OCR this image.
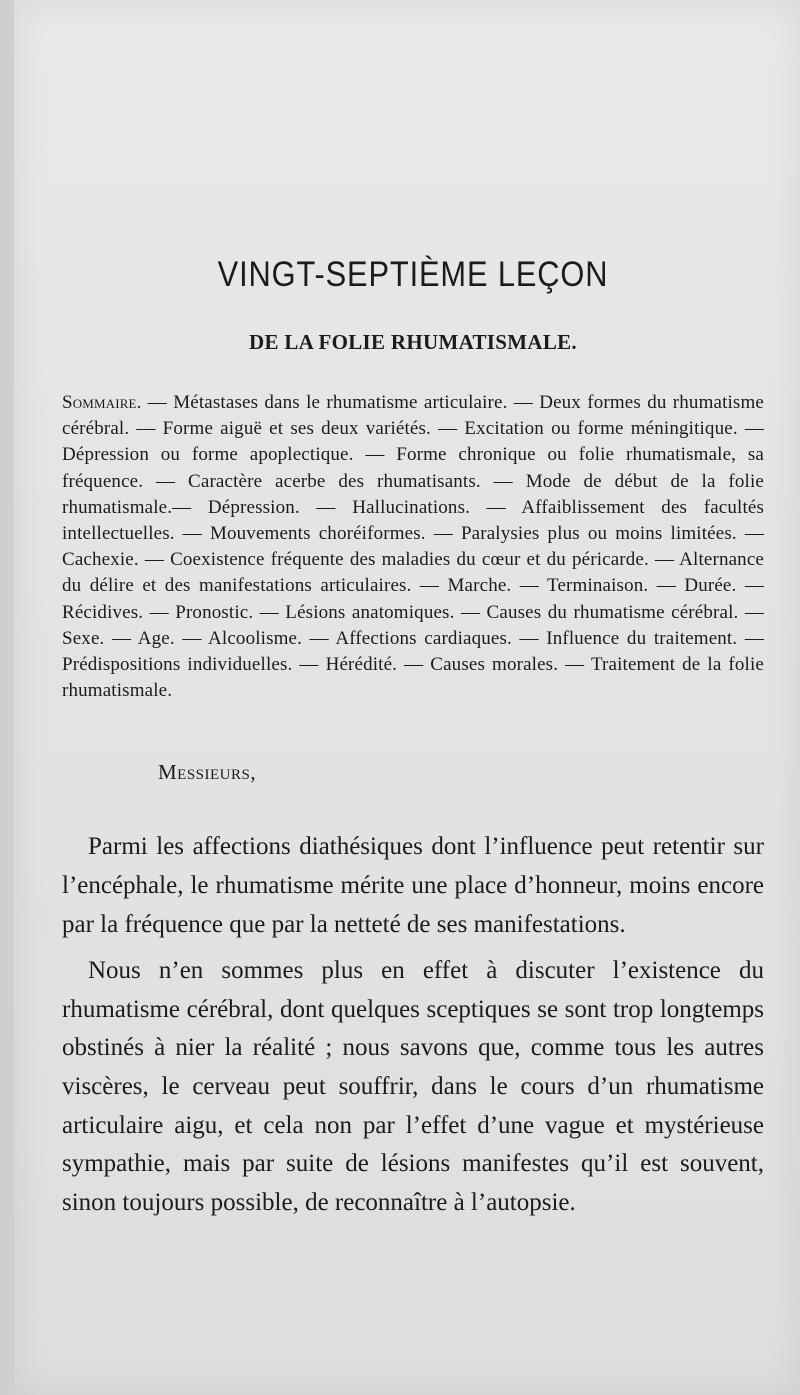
VINGT-SEPTIÈME LEÇON
DE LA FOLIE RHUMATISMALE.
Sommaire. — Métastases dans le rhumatisme articulaire. — Deux formes du rhumatisme cérébral. — Forme aiguë et ses deux variétés. — Excitation ou forme méningitique. — Dépression ou forme apoplectique. — Forme chronique ou folie rhumatismale, sa fréquence. — Caractère acerbe des rhumatisants. — Mode de début de la folie rhumatismale.— Dépression. — Hallucinations. — Affaiblissement des facultés intellectuelles. — Mouvements choréiformes. — Paralysies plus ou moins limitées. — Cachexie. — Coexistence fréquente des maladies du cœur et du péricarde. — Alternance du délire et des manifestations articulaires. — Marche. — Terminaison. — Durée. — Récidives. — Pronostic. — Lésions anatomiques. — Causes du rhumatisme cérébral. — Sexe. — Age. — Alcoolisme. — Affections cardiaques. — Influence du traitement. — Prédispositions individuelles. — Hérédité. — Causes morales. — Traitement de la folie rhumatismale.
Messieurs,

Parmi les affections diathésiques dont l’influence peut retentir sur l’encéphale, le rhumatisme mérite une place d’honneur, moins encore par la fréquence que par la netteté de ses manifestations.

Nous n’en sommes plus en effet à discuter l’existence du rhumatisme cérébral, dont quelques sceptiques se sont trop longtemps obstinés à nier la réalité ; nous savons que, comme tous les autres viscères, le cerveau peut souffrir, dans le cours d’un rhumatisme articulaire aigu, et cela non par l’effet d’une vague et mystérieuse sympathie, mais par suite de lésions manifestes qu’il est souvent, sinon toujours possible, de reconnaître à l’autopsie.
